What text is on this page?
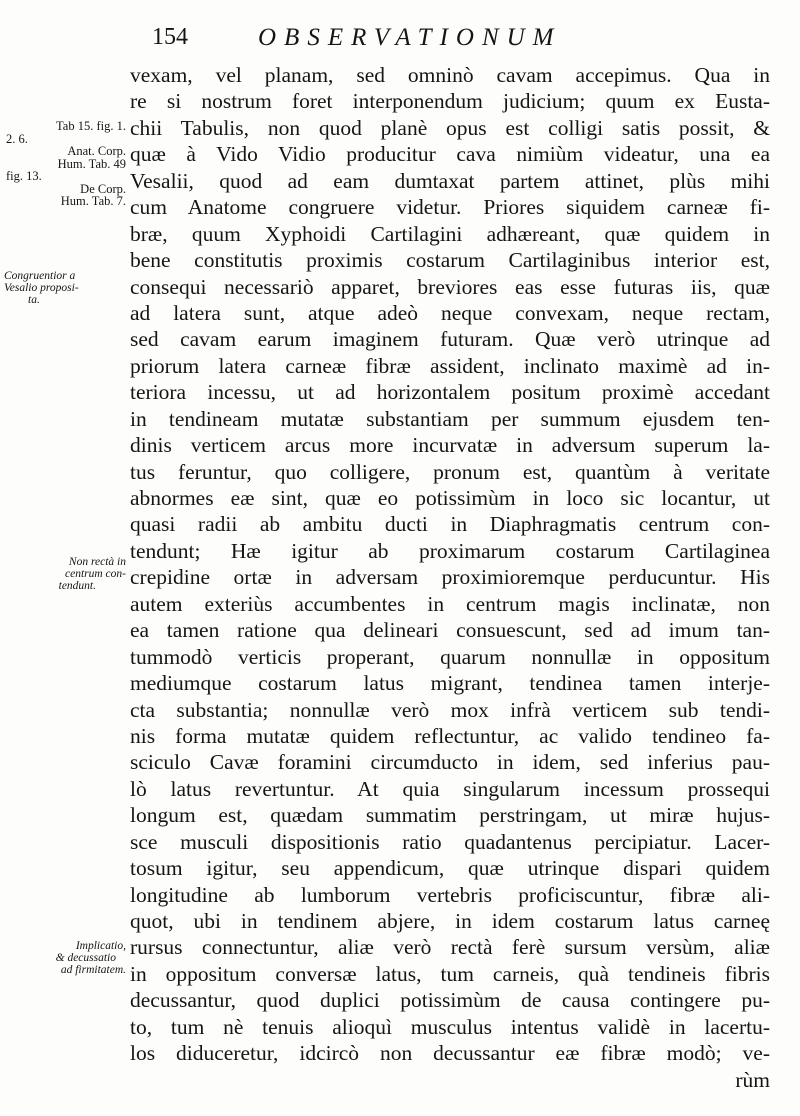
154	OBSERVATIONUM
Tab 15. fig. 1.
2. 6.
Anat. Corp.
Hum. Tab. 49
fig. 13.
De Corp.
Hum. Tab. 7.
Congruentior a
Vesalio proposi-
ta.
Non rectà in
centrum con-
tendunt.
Implicatio,
& decussatio
ad firmitatem.
vexam, vel planam, sed omninò cavam accepimus. Qua in
re si nostrum foret interponendum judicium; quum ex Eusta-
chii Tabulis, non quod planè opus est colligi satis possit, &
quæ à Vido Vidio producitur cava nimiùm videatur, una ea
Vesalii, quod ad eam dumtaxat partem attinet, plùs mihi
cum Anatome congruere videtur. Priores siquidem carneæ fi-
bræ, quum Xyphoidi Cartilagini adhæreant, quæ quidem in
bene constitutis proximis costarum Cartilaginibus interior est,
consequi necessariò apparet, breviores eas esse futuras iis, quæ
ad latera sunt, atque adeò neque convexam, neque rectam,
sed cavam earum imaginem futuram. Quæ verò utrinque ad
priorum latera carneæ fibræ assident, inclinato maximè ad in-
teriora incessu, ut ad horizontalem positum proximè accedant
in tendineam mutatæ substantiam per summum ejusdem ten-
dinis verticem arcus more incurvatæ in adversum superum la-
tus feruntur, quo colligere, pronum est, quantùm à veritate
abnormes eæ sint, quæ eo potissimùm in loco sic locantur, ut
quasi radii ab ambitu ducti in Diaphragmatis centrum con-
tendunt; Hæ igitur ab proximarum costarum Cartilaginea
crepidine ortæ in adversam proximioremque perducuntur. His
autem exteriùs accumbentes in centrum magis inclinatæ, non
ea tamen ratione qua delineari consuescunt, sed ad imum tan-
tummodò verticis properant, quarum nonnullæ in oppositum
mediumque costarum latus migrant, tendinea tamen interje-
cta substantia; nonnullæ verò mox infrà verticem sub tendi-
nis forma mutatæ quidem reflectuntur, ac valido tendineo fa-
sciculo Cavæ foramini circumducto in idem, sed inferius pau-
lò latus revertuntur. At quia singularum incessum prossequi
longum est, quædam summatim perstringam, ut miræ hujus-
sce musculi dispositionis ratio quadantenus percipiatur. Lacer-
tosum igitur, seu appendicum, quæ utrinque dispari quidem
longitudine ab lumborum vertebris proficiscuntur, fibræ ali-
quot, ubi in tendinem abjere, in idem costarum latus carneę
rursus connectuntur, aliæ verò rectà ferè sursum versùm, aliæ
in oppositum conversæ latus, tum carneis, quà tendineis fibris
decussantur, quod duplici potissimùm de causa contingere pu-
to, tum nè tenuis alioquì musculus intentus validè in lacertu-
los diduceretur, idcircò non decussantur eæ fibræ modò; ve-
rùm
